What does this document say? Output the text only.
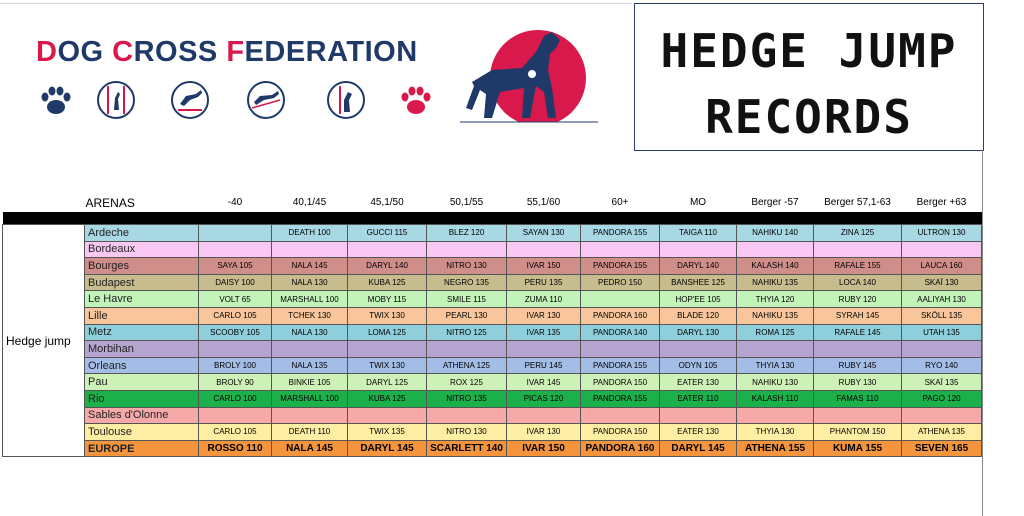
DOG CROSS FEDERATION	HEDGE JUMP
RECORDS
	ARENAS	-40	40,1/45	45,1/50	50,1/55	55,1/60	60+	MO	Berger -57	Berger 57,1-63	Berger +63

Hedge jump	Ardeche		DEATH 100	GUCCI 115	BLEZ 120	SAYAN 130	PANDORA 155	TAIGA 110	NAHIKU 140	ZINA 125	ULTRON 130
	Bordeaux										
	Bourges	SAYA 105	NALA 145	DARYL 140	NITRO 130	IVAR 150	PANDORA 155	DARYL 140	KALASH 140	RAFALE 155	LAUCA 160
	Budapest	DAISY 100	NALA 130	KUBA 125	NEGRO 135	PERU 135	PEDRO 150	BANSHEE 125	NAHIKU 135	LOCA 140	SKAÏ 130
	Le Havre	VOLT 65	MARSHALL 100	MOBY 115	SMILE 115	ZUMA 110		HOP'EE 105	THYIA 120	RUBY 120	AALIYAH 130
	Lille	CARLO 105	TCHEK 130	TWIX 130	PEARL 130	IVAR 130	PANDORA 160	BLADE 120	NAHIKU 135	SYRAH 145	SKÖLL 135
	Metz	SCOOBY 105	NALA 130	LOMA 125	NITRO 125	IVAR 135	PANDORA 140	DARYL 130	ROMA 125	RAFALE 145	UTAH 135
	Morbihan										
	Orleans	BROLY 100	NALA 135	TWIX 130	ATHENA 125	PERU 145	PANDORA 155	ODYN 105	THYIA 130	RUBY 145	RYO 140
	Pau	BROLY 90	BINKIE 105	DARYL 125	ROX 125	IVAR 145	PANDORA 150	EATER 130	NAHIKU 130	RUBY 130	SKAÏ 135
	Rio	CARLO 100	MARSHALL 100	KUBA 125	NITRO 135	PICAS 120	PANDORA 155	EATER 110	KALASH 110	FAMAS 110	PAGO 120
	Sables d'Olonne										
	Toulouse	CARLO 105	DEATH 110	TWIX 135	NITRO 130	IVAR 130	PANDORA 150	EATER 130	THYIA 130	PHANTOM 150	ATHENA 135
	EUROPE	ROSSO 110	NALA 145	DARYL 145	SCARLETT 140	IVAR 150	PANDORA 160	DARYL 145	ATHENA 155	KUMA 155	SEVEN 165
